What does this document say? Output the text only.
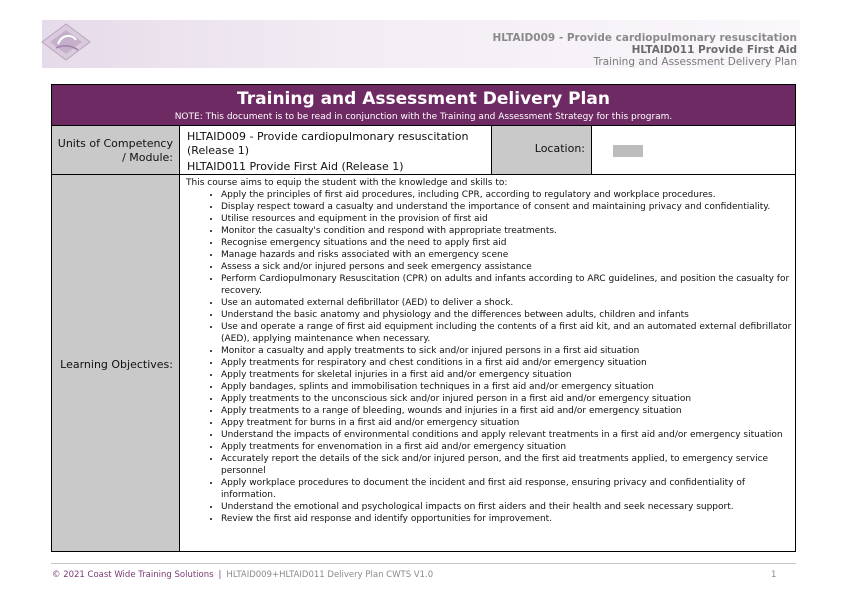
HLTAID009 - Provide cardiopulmonary resuscitation
HLTAID011 Provide First Aid
Training and Assessment Delivery Plan
Training and Assessment Delivery Plan
NOTE: This document is to be read in conjunction with the Training and Assessment Strategy for this program.
Units of Competency / Module:
HLTAID009 - Provide cardiopulmonary resuscitation (Release 1)
HLTAID011 Provide First Aid (Release 1)
Location:
Learning Objectives:
This course aims to equip the student with the knowledge and skills to:
• Apply the principles of first aid procedures, including CPR, according to regulatory and workplace procedures.
• Display respect toward a casualty and understand the importance of consent and maintaining privacy and confidentiality.
• Utilise resources and equipment in the provision of first aid
• Monitor the casualty's condition and respond with appropriate treatments.
• Recognise emergency situations and the need to apply first aid
• Manage hazards and risks associated with an emergency scene
• Assess a sick and/or injured persons and seek emergency assistance
• Perform Cardiopulmonary Resuscitation (CPR) on adults and infants according to ARC guidelines, and position the casualty for recovery.
• Use an automated external defibrillator (AED) to deliver a shock.
• Understand the basic anatomy and physiology and the differences between adults, children and infants
• Use and operate a range of first aid equipment including the contents of a first aid kit, and an automated external defibrillator (AED), applying maintenance when necessary.
• Monitor a casualty and apply treatments to sick and/or injured persons in a first aid situation
• Apply treatments for respiratory and chest conditions in a first aid and/or emergency situation
• Apply treatments for skeletal injuries in a first aid and/or emergency situation
• Apply bandages, splints and immobilisation techniques in a first aid and/or emergency situation
• Apply treatments to the unconscious sick and/or injured person in a first aid and/or emergency situation
• Apply treatments to a range of bleeding, wounds and injuries in a first aid and/or emergency situation
• Appy treatment for burns in a first aid and/or emergency situation
• Understand the impacts of environmental conditions and apply relevant treatments in a first aid and/or emergency situation
• Apply treatments for envenomation in a first aid and/or emergency situation
• Accurately report the details of the sick and/or injured person, and the first aid treatments applied, to emergency service personnel
• Apply workplace procedures to document the incident and first aid response, ensuring privacy and confidentiality of information.
• Understand the emotional and psychological impacts on first aiders and their health and seek necessary support.
• Review the first aid response and identify opportunities for improvement.
© 2021 Coast Wide Training Solutions | HLTAID009+HLTAID011 Delivery Plan CWTS V1.0	1
